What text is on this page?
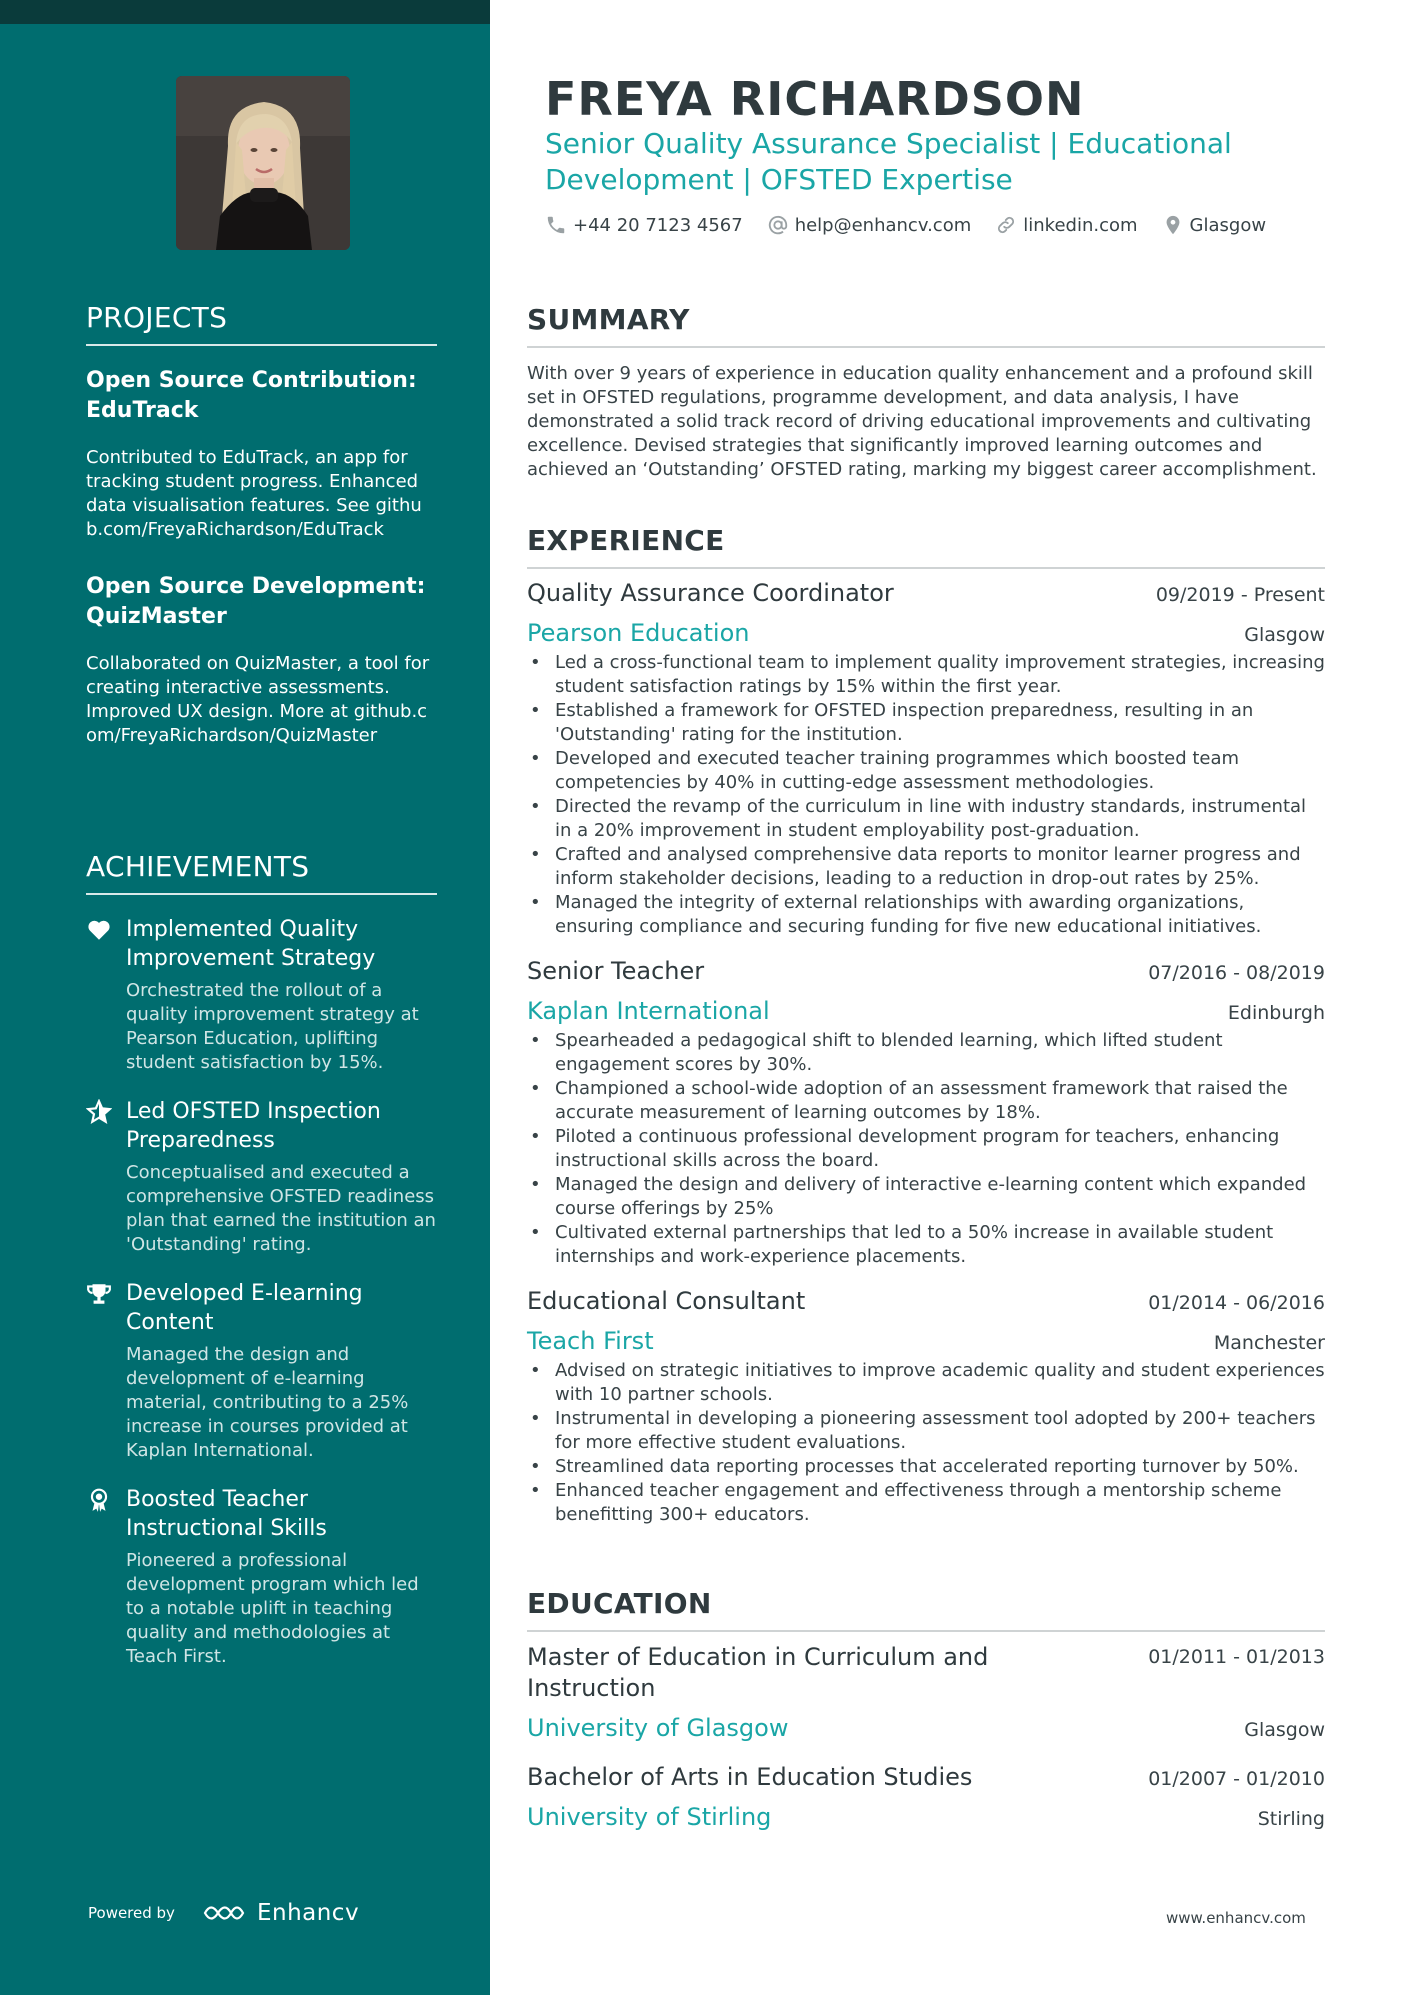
PROJECTS
Open Source Contribution: EduTrack
Contributed to EduTrack, an app for tracking student progress. Enhanced data visualisation features. See github.com/FreyaRichardson/EduTrack
Open Source Development: QuizMaster
Collaborated on QuizMaster, a tool for creating interactive assessments. Improved UX design. More at github.com/FreyaRichardson/QuizMaster
ACHIEVEMENTS
Implemented Quality Improvement Strategy
Orchestrated the rollout of a quality improvement strategy at Pearson Education, uplifting student satisfaction by 15%.
Led OFSTED Inspection Preparedness
Conceptualised and executed a comprehensive OFSTED readiness plan that earned the institution an 'Outstanding' rating.
Developed E-learning Content
Managed the design and development of e-learning material, contributing to a 25% increase in courses provided at Kaplan International.
Boosted Teacher Instructional Skills
Pioneered a professional development program which led to a notable uplift in teaching quality and methodologies at Teach First.
Powered by	Enhancv
FREYA RICHARDSON
Senior Quality Assurance Specialist | Educational Development | OFSTED Expertise
+44 20 7123 4567	help@enhancv.com	linkedin.com	Glasgow
SUMMARY

With over 9 years of experience in education quality enhancement and a profound skill set in OFSTED regulations, programme development, and data analysis, I have demonstrated a solid track record of driving educational improvements and cultivating excellence. Devised strategies that significantly improved learning outcomes and achieved an ‘Outstanding’ OFSTED rating, marking my biggest career accomplishment.

EXPERIENCE
Quality Assurance Coordinator	09/2019 - Present
Pearson Education	Glasgow
• Led a cross-functional team to implement quality improvement strategies, increasing student satisfaction ratings by 15% within the first year.
• Established a framework for OFSTED inspection preparedness, resulting in an 'Outstanding' rating for the institution.
• Developed and executed teacher training programmes which boosted team competencies by 40% in cutting-edge assessment methodologies.
• Directed the revamp of the curriculum in line with industry standards, instrumental in a 20% improvement in student employability post-graduation.
• Crafted and analysed comprehensive data reports to monitor learner progress and inform stakeholder decisions, leading to a reduction in drop-out rates by 25%.
• Managed the integrity of external relationships with awarding organizations, ensuring compliance and securing funding for five new educational initiatives.
Senior Teacher	07/2016 - 08/2019
Kaplan International	Edinburgh
• Spearheaded a pedagogical shift to blended learning, which lifted student engagement scores by 30%.
• Championed a school-wide adoption of an assessment framework that raised the accurate measurement of learning outcomes by 18%.
• Piloted a continuous professional development program for teachers, enhancing instructional skills across the board.
• Managed the design and delivery of interactive e-learning content which expanded course offerings by 25%
• Cultivated external partnerships that led to a 50% increase in available student internships and work-experience placements.
Educational Consultant	01/2014 - 06/2016
Teach First	Manchester
• Advised on strategic initiatives to improve academic quality and student experiences with 10 partner schools.
• Instrumental in developing a pioneering assessment tool adopted by 200+ teachers for more effective student evaluations.
• Streamlined data reporting processes that accelerated reporting turnover by 50%.
• Enhanced teacher engagement and effectiveness through a mentorship scheme benefitting 300+ educators.
EDUCATION
Master of Education in Curriculum and Instruction
01/2011 - 01/2013
University of Glasgow	Glasgow
Bachelor of Arts in Education Studies	01/2007 - 01/2010
University of Stirling	Stirling
www.enhancv.com
